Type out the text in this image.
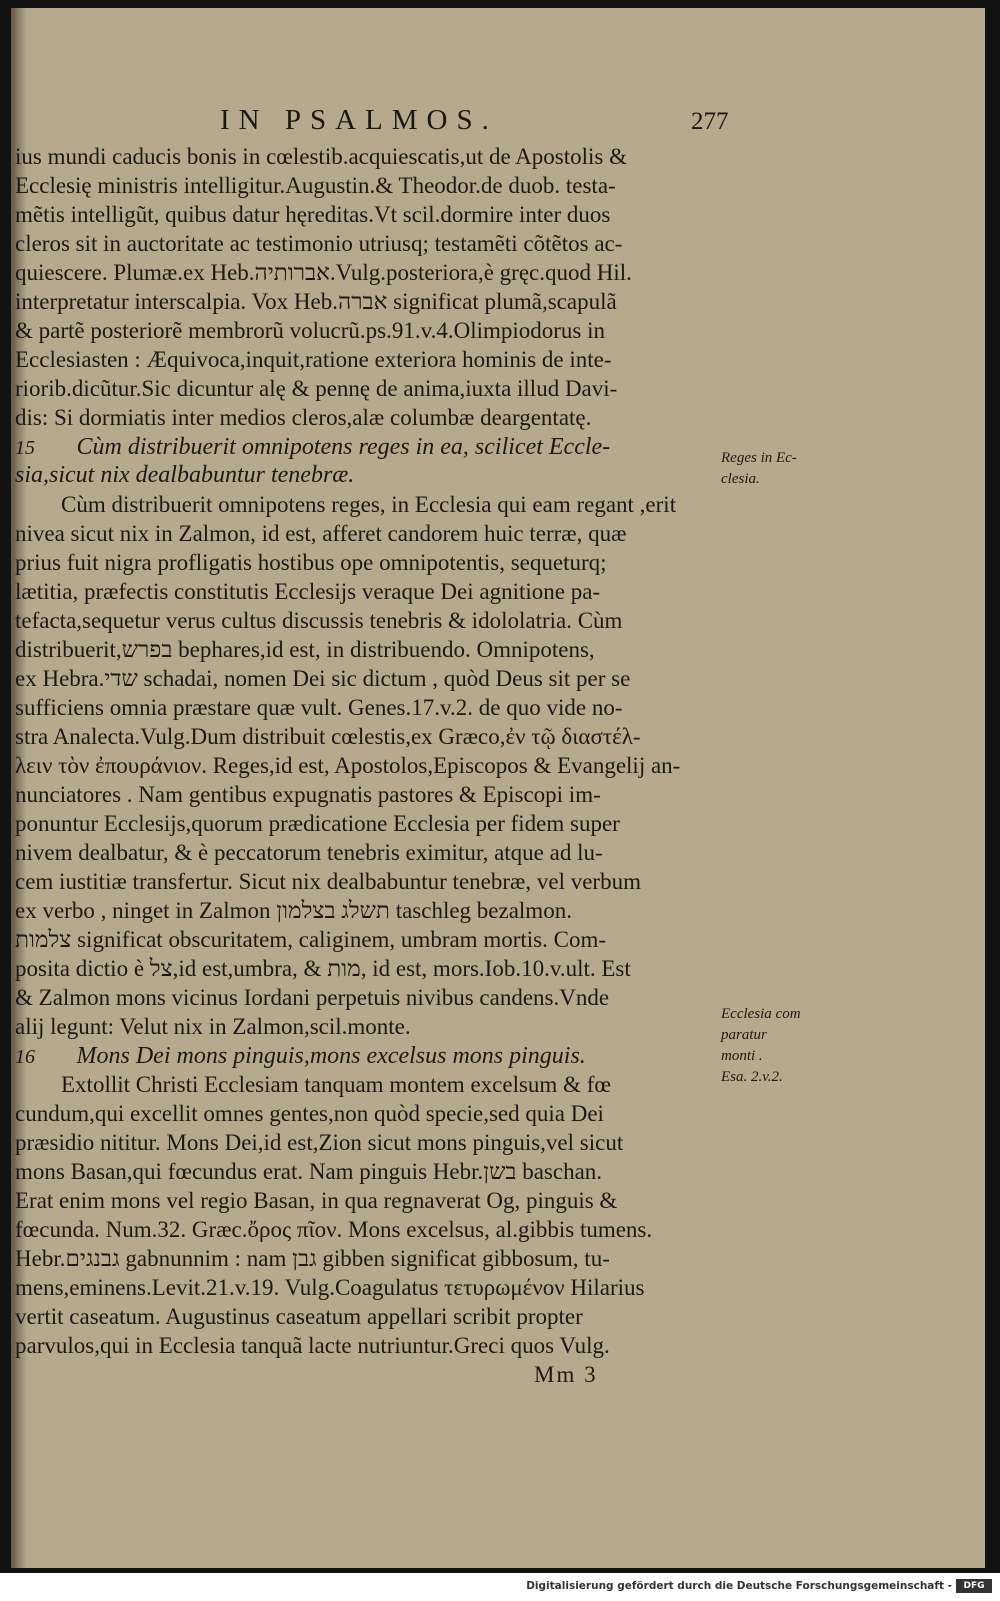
IN PSALMOS.	277
ius mundi caducis bonis in cœlestib.acquiescatis,ut de Apostolis &
Ecclesię ministris intelligitur.Augustin.& Theodor.de duob. testa-
mẽtis intelligũt, quibus datur hęreditas.Vt scil.dormire inter duos
cleros sit in auctoritate ac testimonio utriusq; testamẽti cõtẽtos ac-
quiescere. Plumæ.ex Heb.אברותיה.Vulg.posteriora,è gręc.quod Hil.
interpretatur interscalpia. Vox Heb.אברה significat plumã,scapulã
& partẽ posteriorẽ membrorũ volucrũ.ps.91.v.4.Olimpiodorus in
Ecclesiasten : Æquivoca,inquit,ratione exteriora hominis de inte-
riorib.dicũtur.Sic dicuntur alę & pennę de anima,iuxta illud Davi-
dis: Si dormiatis inter medios cleros,alæ columbæ deargentatę.
15 Cùm distribuerit omnipotens reges in ea, scilicet Eccle-
sia,sicut nix dealbabuntur tenebræ.
Cùm distribuerit omnipotens reges, in Ecclesia qui eam regant ,erit
nivea sicut nix in Zalmon, id est, afferet candorem huic terræ, quæ
prius fuit nigra profligatis hostibus ope omnipotentis, sequeturq;
lætitia, præfectis constitutis Ecclesijs veraque Dei agnitione pa-
tefacta,sequetur verus cultus discussis tenebris & idololatria. Cùm
distribuerit,בפרש bephares,id est, in distribuendo. Omnipotens,
ex Hebra.שדי schadai, nomen Dei sic dictum , quòd Deus sit per se
sufficiens omnia præstare quæ vult. Genes.17.v.2. de quo vide no-
stra Analecta.Vulg.Dum distribuit cœlestis,ex Græco,ἐν τῷ διαστέλ-
λειν τὸν ἐπουράνιον. Reges,id est, Apostolos,Episcopos & Evangelij an-
nunciatores . Nam gentibus expugnatis pastores & Episcopi im-
ponuntur Ecclesijs,quorum prædicatione Ecclesia per fidem super
nivem dealbatur, & è peccatorum tenebris eximitur, atque ad lu-
cem iustitiæ transfertur. Sicut nix dealbabuntur tenebræ, vel verbum
ex verbo , ninget in Zalmon תשלג בצלמון taschleg bezalmon.
צלמות significat obscuritatem, caliginem, umbram mortis. Com-
posita dictio è צל,id est,umbra, & מות, id est, mors.Iob.10.v.ult. Est
& Zalmon mons vicinus Iordani perpetuis nivibus candens.Vnde
alij legunt: Velut nix in Zalmon,scil.monte.
16 Mons Dei mons pinguis,mons excelsus mons pinguis.
Extollit Christi Ecclesiam tanquam montem excelsum & fœ
cundum,qui excellit omnes gentes,non quòd specie,sed quia Dei
præsidio nititur. Mons Dei,id est,Zion sicut mons pinguis,vel sicut
mons Basan,qui fœcundus erat. Nam pinguis Hebr.בשן baschan.
Erat enim mons vel regio Basan, in qua regnaverat Og, pinguis &
fœcunda. Num.32. Græc.ὄρος πῖον. Mons excelsus, al.gibbis tumens.
Hebr.גבנגים gabnunnim : nam גבן gibben significat gibbosum, tu-
mens,eminens.Levit.21.v.19. Vulg.Coagulatus τετυρωμένον Hilarius
vertit caseatum. Augustinus caseatum appellari scribit propter
parvulos,qui in Ecclesia tanquã lacte nutriuntur.Greci quos Vulg.
Mm 3
Reges in Ec-
clesia.
Ecclesia com
paratur
monti .
Esa. 2.v.2.
Digitalisierung gefördert durch die Deutsche Forschungsgemeinschaft -	DFG
